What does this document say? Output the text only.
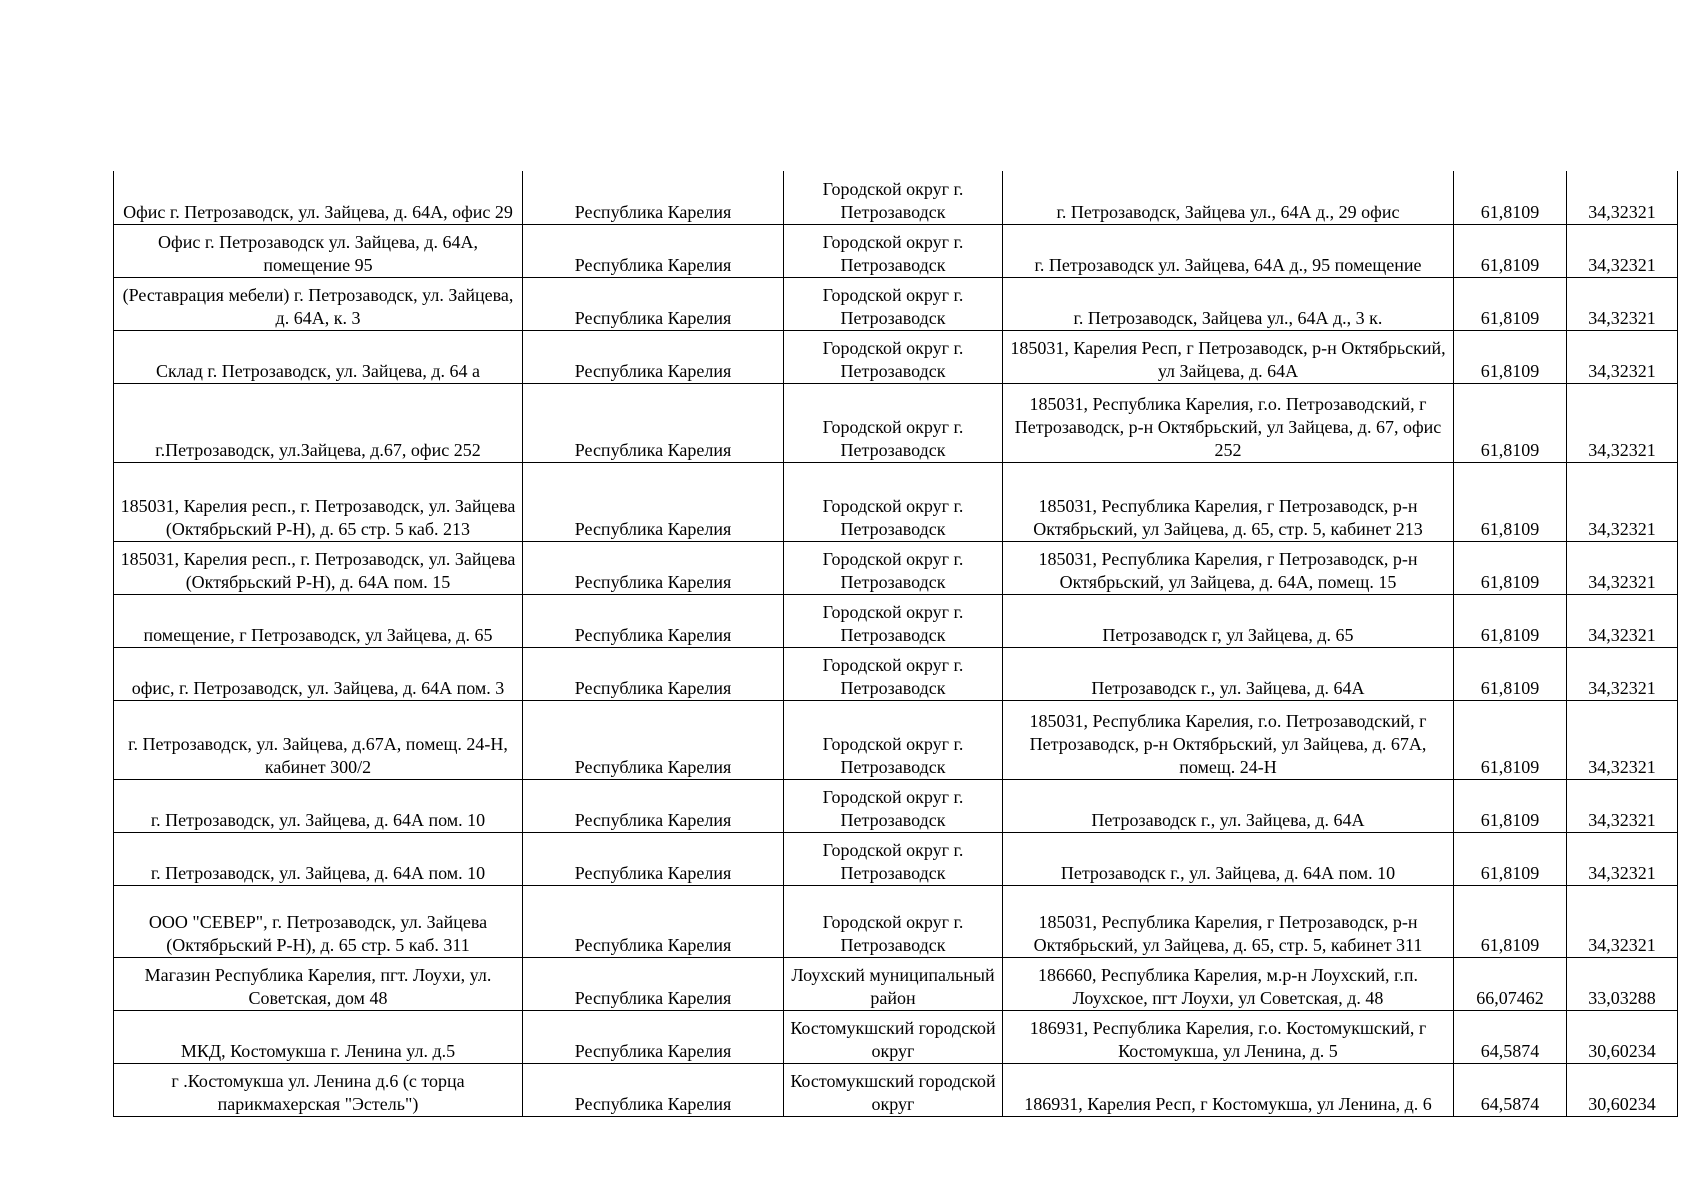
Офис г. Петрозаводск, ул. Зайцева, д. 64А, офис 29	Республика Карелия	Городской округ г. Петрозаводск	г. Петрозаводск, Зайцева ул., 64А д., 29 офис	61,8109	34,32321
Офис г. Петрозаводск ул. Зайцева, д. 64А, помещение 95	Республика Карелия	Городской округ г. Петрозаводск	г. Петрозаводск ул. Зайцева, 64А д., 95 помещение	61,8109	34,32321
(Реставрация мебели) г. Петрозаводск, ул. Зайцева, д. 64А, к. 3	Республика Карелия	Городской округ г. Петрозаводск	г. Петрозаводск, Зайцева ул., 64А д., 3 к.	61,8109	34,32321
Склад г. Петрозаводск, ул. Зайцева, д. 64 а	Республика Карелия	Городской округ г. Петрозаводск	185031, Карелия Респ, г Петрозаводск, р-н Октябрьский, ул Зайцева, д. 64А	61,8109	34,32321
г.Петрозаводск, ул.Зайцева, д.67, офис 252	Республика Карелия	Городской округ г. Петрозаводск	185031, Республика Карелия, г.о. Петрозаводский, г Петрозаводск, р-н Октябрьский, ул Зайцева, д. 67, офис 252	61,8109	34,32321
185031, Карелия респ., г. Петрозаводск, ул. Зайцева (Октябрьский Р-Н), д. 65 стр. 5 каб. 213	Республика Карелия	Городской округ г. Петрозаводск	185031, Республика Карелия, г Петрозаводск, р-н Октябрьский, ул Зайцева, д. 65, стр. 5, кабинет 213	61,8109	34,32321
185031, Карелия респ., г. Петрозаводск, ул. Зайцева (Октябрьский Р-Н), д. 64А пом. 15	Республика Карелия	Городской округ г. Петрозаводск	185031, Республика Карелия, г Петрозаводск, р-н Октябрьский, ул Зайцева, д. 64А, помещ. 15	61,8109	34,32321
помещение, г Петрозаводск, ул Зайцева, д. 65	Республика Карелия	Городской округ г. Петрозаводск	Петрозаводск г, ул Зайцева, д. 65	61,8109	34,32321
офис, г. Петрозаводск, ул. Зайцева, д. 64А пом. 3	Республика Карелия	Городской округ г. Петрозаводск	Петрозаводск г., ул. Зайцева, д. 64А	61,8109	34,32321
г. Петрозаводск, ул. Зайцева, д.67А, помещ. 24-Н, кабинет 300/2	Республика Карелия	Городской округ г. Петрозаводск	185031, Республика Карелия, г.о. Петрозаводский, г Петрозаводск, р-н Октябрьский, ул Зайцева, д. 67А, помещ. 24-Н	61,8109	34,32321
г. Петрозаводск, ул. Зайцева, д. 64А пом. 10	Республика Карелия	Городской округ г. Петрозаводск	Петрозаводск г., ул. Зайцева, д. 64А	61,8109	34,32321
г. Петрозаводск, ул. Зайцева, д. 64А пом. 10	Республика Карелия	Городской округ г. Петрозаводск	Петрозаводск г., ул. Зайцева, д. 64А пом. 10	61,8109	34,32321
ООО "СЕВЕР", г. Петрозаводск, ул. Зайцева (Октябрьский Р-Н), д. 65 стр. 5 каб. 311	Республика Карелия	Городской округ г. Петрозаводск	185031, Республика Карелия, г Петрозаводск, р-н Октябрьский, ул Зайцева, д. 65, стр. 5, кабинет 311	61,8109	34,32321
Магазин Республика Карелия, пгт. Лоухи, ул. Советская, дом 48	Республика Карелия	Лоухский муниципальный район	186660, Республика Карелия, м.р-н Лоухский, г.п. Лоухское, пгт Лоухи, ул Советская, д. 48	66,07462	33,03288
МКД, Костомукша г. Ленина ул. д.5	Республика Карелия	Костомукшский городской округ	186931, Республика Карелия, г.о. Костомукшский, г Костомукша, ул Ленина, д. 5	64,5874	30,60234
г .Костомукша ул. Ленина д.6 (с торца парикмахерская "Эстель")	Республика Карелия	Костомукшский городской округ	186931, Карелия Респ, г Костомукша, ул Ленина, д. 6	64,5874	30,60234
